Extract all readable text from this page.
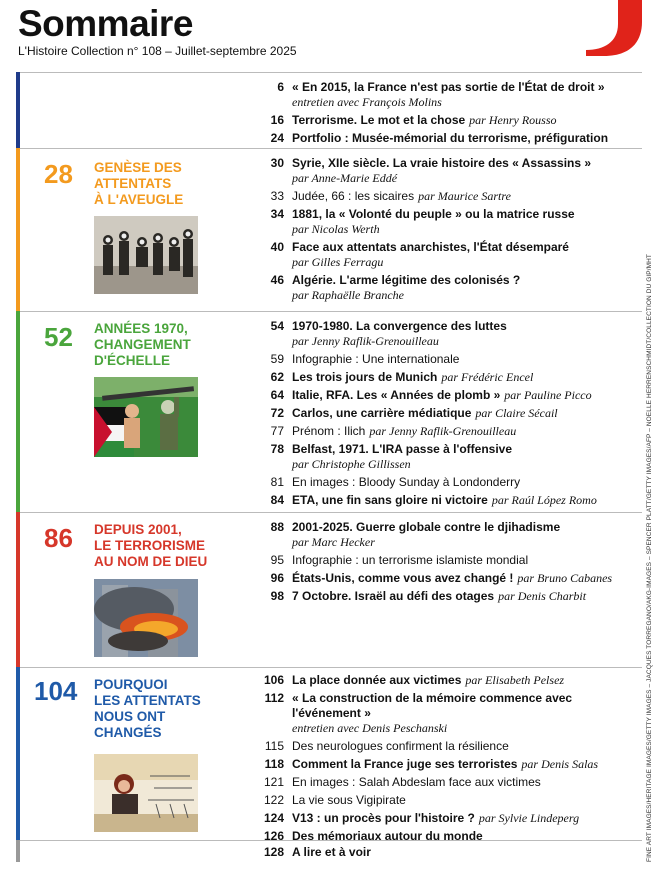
Sommaire
L'Histoire Collection n° 108 – Juillet-septembre 2025
6 « En 2015, la France n'est pas sortie de l'État de droit »
entretien avec François Molins
16 Terrorisme. Le mot et la chose par Henry Rousso
24 Portfolio : Musée-mémorial du terrorisme, préfiguration
28 GENÈSE DES
ATTENTATS
À L'AVEUGLE
30 Syrie, XIIe siècle. La vraie histoire des « Assassins »
par Anne-Marie Eddé
33 Judée, 66 : les sicaires par Maurice Sartre
34 1881, la « Volonté du peuple » ou la matrice russe
par Nicolas Werth
40 Face aux attentats anarchistes, l'État désemparé
par Gilles Ferragu
46 Algérie. L'arme légitime des colonisés ?
par Raphaëlle Branche
52 ANNÉES 1970,
CHANGEMENT
D'ÉCHELLE
54 1970-1980. La convergence des luttes
par Jenny Raflik-Grenouilleau
59 Infographie : Une internationale
62 Les trois jours de Munich par Frédéric Encel
64 Italie, RFA. Les « Années de plomb » par Pauline Picco
72 Carlos, une carrière médiatique par Claire Sécail
77 Prénom : Ilich par Jenny Raflik-Grenouilleau
78 Belfast, 1971. L'IRA passe à l'offensive
par Christophe Gillissen
81 En images : Bloody Sunday à Londonderry
84 ETA, une fin sans gloire ni victoire par Raúl López Romo
86 DEPUIS 2001,
LE TERRORISME
AU NOM DE DIEU
88 2001-2025. Guerre globale contre le djihadisme
par Marc Hecker
95 Infographie : un terrorisme islamiste mondial
96 États-Unis, comme vous avez changé ! par Bruno Cabanes
98 7 Octobre. Israël au défi des otages par Denis Charbit
104 POURQUOI
LES ATTENTATS
NOUS ONT
CHANGÉS
106 La place donnée aux victimes par Elisabeth Pelsez
112 « La construction de la mémoire commence avec l'événement »
entretien avec Denis Peschanski
115 Des neurologues confirment la résilience
118 Comment la France juge ses terroristes par Denis Salas
121 En images : Salah Abdeslam face aux victimes
122 La vie sous Vigipirate
124 V13 : un procès pour l'histoire ? par Sylvie Lindeperg
126 Des mémoriaux autour du monde
128 A lire et à voir	FINE ART IMAGES/HERITAGE IMAGES/GETTY IMAGES – JACQUES TORREGANO/AKG-IMAGES – SPENCER PLATT/GETTY IMAGES/AFP – NOELLE HERRENSCHMIDT/COLLECTION DU GIP/MHT
